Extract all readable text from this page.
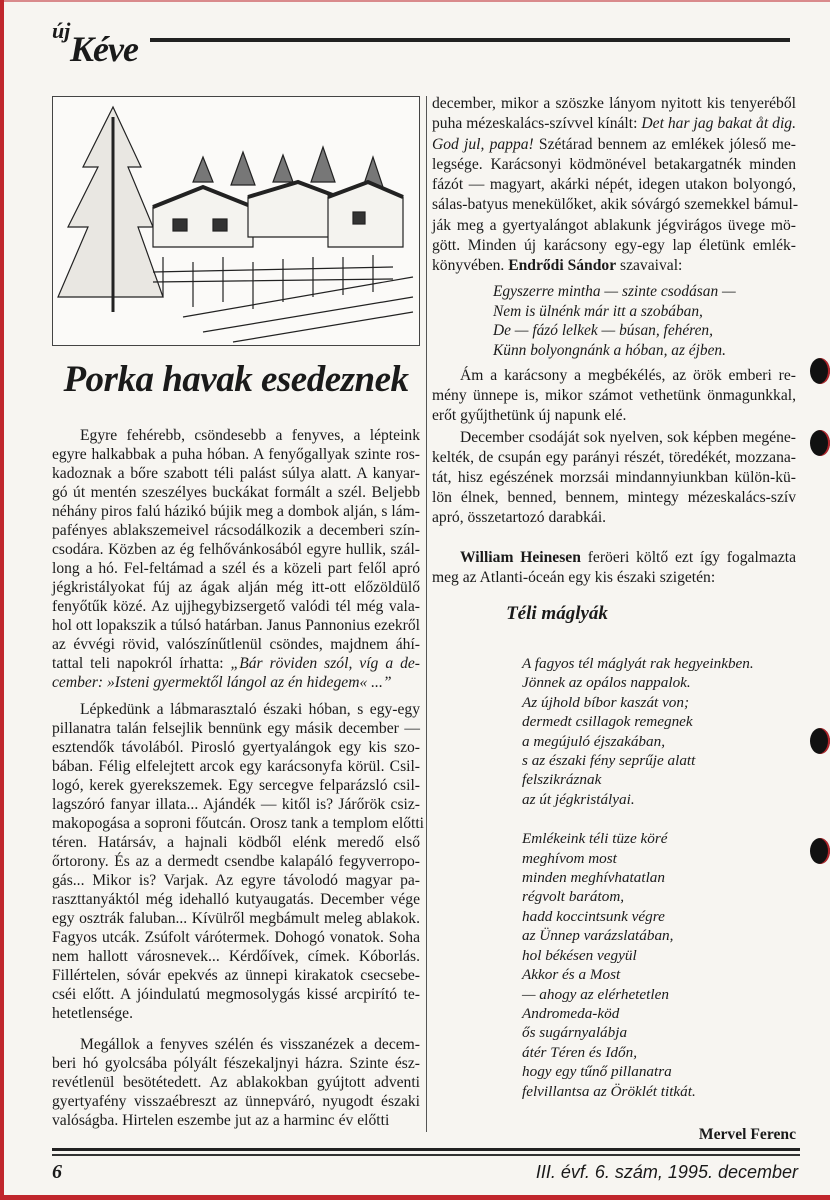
új Kéve
Porka havak esedeznek
Egyre fehérebb, csöndesebb a fenyves, a lépteink
egyre halkabbak a puha hóban. A fenyőgallyak szinte ros-
kadoznak a bőre szabott téli palást súlya alatt. A kanyar-
gó út mentén szeszélyes buckákat formált a szél. Beljebb
néhány piros falú házikó bújik meg a dombok alján, s lám-
pafényes ablakszemeivel rácsodálkozik a decemberi szín-
csodára. Közben az ég felhővánkosából egyre hullik, szál-
long a hó. Fel-feltámad a szél és a közeli part felől apró
jégkristályokat fúj az ágak alján még itt-ott előzöldülő
fenyőtűk közé. Az ujjhegybizsergető valódi tél még vala-
hol ott lopakszik a túlsó határban. Janus Pannonius ezekről
az évvégi rövid, valószínűtlenül csöndes, majdnem áhí-
tattal teli napokról írhatta: „Bár röviden szól, víg a de-
cember: »Isteni gyermektől lángol az én hidegem« ...”
Lépkedünk a lábmarasztaló északi hóban, s egy-egy
pillanatra talán felsejlik bennünk egy másik december —
esztendők távolából. Pirosló gyertyalángok egy kis szo-
bában. Félig elfelejtett arcok egy karácsonyfa körül. Csil-
logó, kerek gyerekszemek. Egy sercegve felparázsló csil-
lagszóró fanyar illata... Ajándék — kitől is? Járőrök csiz-
makopogása a soproni főutcán. Orosz tank a templom előtti
téren. Határsáv, a hajnali ködből elénk meredő első
őrtorony. És az a dermedt csendbe kalapáló fegyverropo-
gás... Mikor is? Varjak. Az egyre távolodó magyar pa-
raszttanyáktól még idehalló kutyaugatás. December vége
egy osztrák faluban... Kívülről megbámult meleg ablakok.
Fagyos utcák. Zsúfolt várótermek. Dohogó vonatok. Soha
nem hallott városnevek... Kérdőívek, címek. Kóborlás.
Fillértelen, sóvár epekvés az ünnepi kirakatok csecsebe-
cséi előtt. A jóindulatú megmosolygás kissé arcpirító te-
hetetlensége.
Megállok a fenyves szélén és visszanézek a decem-
beri hó gyolcsába pólyált fészekaljnyi házra. Szinte ész-
revétlenül besötétedett. Az ablakokban gyújtott adventi
gyertyafény visszaébreszt az ünnepváró, nyugodt északi
valóságba. Hirtelen eszembe jut az a harminc év előtti
december, mikor a szöszke lányom nyitott kis tenyeréből
puha mézeskalács-szívvel kínált: Det har jag bakat åt dig.
God jul, pappa! Szétárad bennem az emlékek jóleső me-
legsége. Karácsonyi ködmönével betakargatnék minden
fázót — magyart, akárki népét, idegen utakon bolyongó,
sálas-batyus menekülőket, akik sóvárgó szemekkel bámul-
ják meg a gyertyalángot ablakunk jégvirágos üvege mö-
gött. Minden új karácsony egy-egy lap életünk emlék-
könyvében. Endrődi Sándor szavaival:
Egyszerre mintha — szinte csodásan —
Nem is ülnénk már itt a szobában,
De — fázó lelkek — búsan, fehéren,
Künn bolyongnánk a hóban, az éjben.
Ám a karácsony a megbékélés, az örök emberi re-
mény ünnepe is, mikor számot vethetünk önmagunkkal,
erőt gyűjthetünk új napunk elé.
December csodáját sok nyelven, sok képben megéne-
kelték, de csupán egy parányi részét, töredékét, mozzana-
tát, hisz egészének morzsái mindannyiunkban külön-kü-
lön élnek, benned, bennem, mintegy mézeskalács-szív
apró, összetartozó darabkái.
William Heinesen feröeri költő ezt így fogalmazta
meg az Atlanti-óceán egy kis északi szigetén:
Téli máglyák
A fagyos tél máglyát rak hegyeinkben.
Jönnek az opálos nappalok.
Az újhold bíbor kaszát von;
dermedt csillagok remegnek
a megújuló éjszakában,
s az északi fény seprűje alatt
felszikráznak
az út jégkristályai.
Emlékeink téli tüze köré
meghívom most
minden meghívhatatlan
régvolt barátom,
hadd koccintsunk végre
az Ünnep varázslatában,
hol békésen vegyül
Akkor és a Most
— ahogy az elérhetetlen
Andromeda-köd
ős sugárnyalábja
átér Téren és Időn,
hogy egy tűnő pillanatra
felvillantsa az Öröklét titkát.
Mervel Ferenc
6	III. évf. 6. szám, 1995. december
